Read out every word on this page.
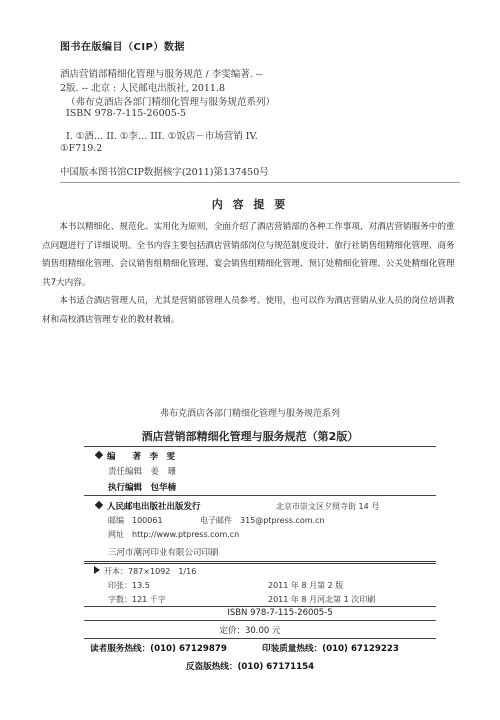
图书在版编目（CIP）数据
酒店营销部精细化管理与服务规范 / 李雯编著. --
2版. -- 北京 : 人民邮电出版社, 2011.8
（弗布克酒店各部门精细化管理与服务规范系列）
ISBN 978-7-115-26005-5
I. ①酒… II. ①李… III. ①饭店－市场营销 IV.
①F719.2
中国版本图书馆CIP数据核字(2011)第137450号
内 容 提 要
本书以精细化、规范化、实用化为原则，全面介绍了酒店营销部的各种工作事项，对酒店营销服务中的重点问题进行了详细说明。全书内容主要包括酒店营销部岗位与规范制度设计、旅行社销售组精细化管理、商务销售组精细化管理、会议销售组精细化管理、宴会销售组精细化管理、预订处精细化管理、公关处精细化管理共7大内容。
本书适合酒店管理人员，尤其是营销部管理人员参考、使用，也可以作为酒店营销从业人员的岗位培训教材和高校酒店管理专业的教材教辅。
弗布克酒店各部门精细化管理与服务规范系列
酒店营销部精细化管理与服务规范（第2版）
编　　著　 李　雯
责任编辑　 姜　珊
执行编辑　 包华楠
人民邮电出版社出版发行	北京市崇文区夕照寺街 14 号
邮编　 100061	电子邮件　 315@ptpress.com.cn
网址　 http://www.ptpress.com.cn
三河市潮河印业有限公司印刷
开本：787×1092　1/16
印张：13.5	2011 年 8 月第 2 版
字数：121 千字	2011 年 8 月河北第 1 次印刷
ISBN 978-7-115-26005-5
定价：30.00 元
读者服务热线：(010) 67129879	印装质量热线：(010) 67129223
反盗版热线：(010) 67171154
